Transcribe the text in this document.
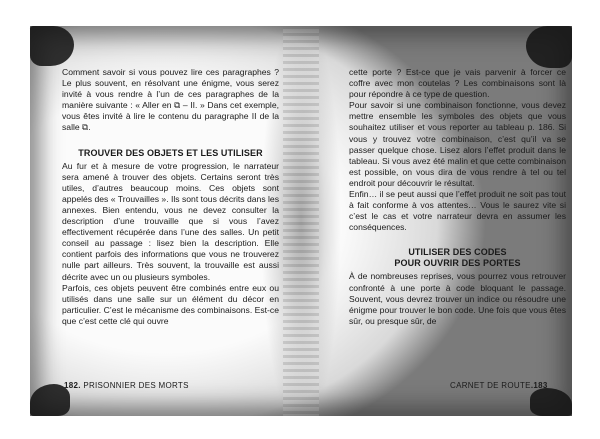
Comment savoir si vous pouvez lire ces paragraphes ? Le plus souvent, en résolvant une énigme, vous serez invité à vous rendre à l’un de ces paragraphes de la manière suivante : « Aller en ⧉ – II. » Dans cet exemple, vous êtes invité à lire le contenu du paragraphe II de la salle ⧉.

TROUVER DES OBJETS ET LES UTILISER

Au fur et à mesure de votre progression, le narrateur sera amené à trouver des objets. Certains seront très utiles, d’autres beaucoup moins. Ces objets sont appelés des « Trouvailles ». Ils sont tous décrits dans les annexes. Bien entendu, vous ne devez consulter la description d’une trouvaille que si vous l’avez effectivement récupérée dans l’une des salles. Un petit conseil au passage : lisez bien la description. Elle contient parfois des informations que vous ne trouverez nulle part ailleurs. Très souvent, la trouvaille est aussi décrite avec un ou plusieurs symboles.

Parfois, ces objets peuvent être combinés entre eux ou utilisés dans une salle sur un élément du décor en particulier. C’est le mécanisme des combinaisons. Est-ce que c’est cette clé qui ouvre

cette porte ? Est-ce que je vais parvenir à forcer ce coffre avec mon coutelas ? Les combinaisons sont là pour répondre à ce type de question.

Pour savoir si une combinaison fonctionne, vous devez mettre ensemble les symboles des objets que vous souhaitez utiliser et vous reporter au tableau p. 186. Si vous y trouvez votre combinaison, c’est qu’il va se passer quelque chose. Lisez alors l’effet produit dans le tableau. Si vous avez été malin et que cette combinaison est possible, on vous dira de vous rendre à tel ou tel endroit pour découvrir le résultat.

Enfin… il se peut aussi que l’effet produit ne soit pas tout à fait conforme à vos attentes… Vous le saurez vite si c’est le cas et votre narrateur devra en assumer les conséquences.

UTILISER DES CODES
POUR OUVRIR DES PORTES

À de nombreuses reprises, vous pourrez vous retrouver confronté à une porte à code bloquant le passage. Souvent, vous devrez trouver un indice ou résoudre une énigme pour trouver le bon code. Une fois que vous êtes sûr, ou presque sûr, de

182. PRISONNIER DES MORTS	CARNET DE ROUTE.183
